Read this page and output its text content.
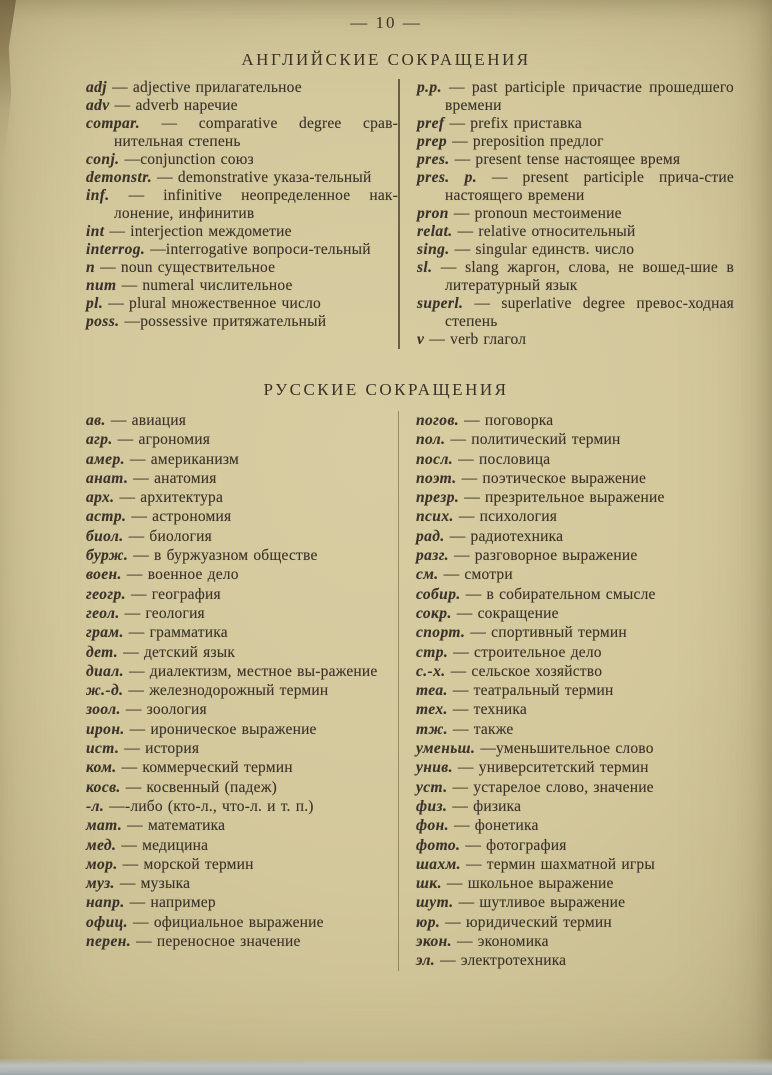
— 10 —
АНГЛИЙСКИЕ СОКРАЩЕНИЯ
adj — adjective прилагательное
adv — adverb наречие
compar. — comparative degree срав-нительная степень
conj. —conjunction союз
demonstr. — demonstrative указа-тельный
inf. — infinitive неопределенное нак-лонение, инфинитив
int — interjection междометие
interrog. —interrogative вопроси-тельный
n — noun существительное
num — numeral числительное
pl. — plural множественное число
poss. —possessive притяжательный
p.p. — past participle причастие прошедшего времени
pref — prefix приставка
prep — preposition предлог
pres. — present tense настоящее время
pres. p. — present participle прича-стие настоящего времени
pron — pronoun местоимение
relat. — relative относительный
sing. — singular единств. число
sl. — slang жаргон, слова, не вошед-шие в литературный язык
superl. — superlative degree превос-ходная степень
v — verb глагол
РУССКИЕ СОКРАЩЕНИЯ
ав. — авиация
агр. — агрономия
амер. — американизм
анат. — анатомия
арх. — архитектура
астр. — астрономия
биол. — биология
бурж. — в буржуазном обществе
воен. — военное дело
геогр. — география
геол. — геология
грам. — грамматика
дет. — детский язык
диал. — диалектизм, местное вы-ражение
ж.-д. — железнодорожный термин
зоол. — зоология
ирон. — ироническое выражение
ист. — история
ком. — коммерческий термин
косв. — косвенный (падеж)
-л. —-либо (кто-л., что-л. и т. п.)
мат. — математика
мед. — медицина
мор. — морской термин
муз. — музыка
напр. — например
офиц. — официальное выражение
перен. — переносное значение
погов. — поговорка
пол. — политический термин
посл. — пословица
поэт. — поэтическое выражение
презр. — презрительное выражение
псих. — психология
рад. — радиотехника
разг. — разговорное выражение
см. — смотри
собир. — в собирательном смысле
сокр. — сокращение
спорт. — спортивный термин
стр. — строительное дело
с.-х. — сельское хозяйство
теа. — театральный термин
тех. — техника
тж. — также
уменьш. —уменьшительное слово
унив. — университетский термин
уст. — устарелое слово, значение
физ. — физика
фон. — фонетика
фото. — фотография
шахм. — термин шахматной игры
шк. — школьное выражение
шут. — шутливое выражение
юр. — юридический термин
экон. — экономика
эл. — электротехника
